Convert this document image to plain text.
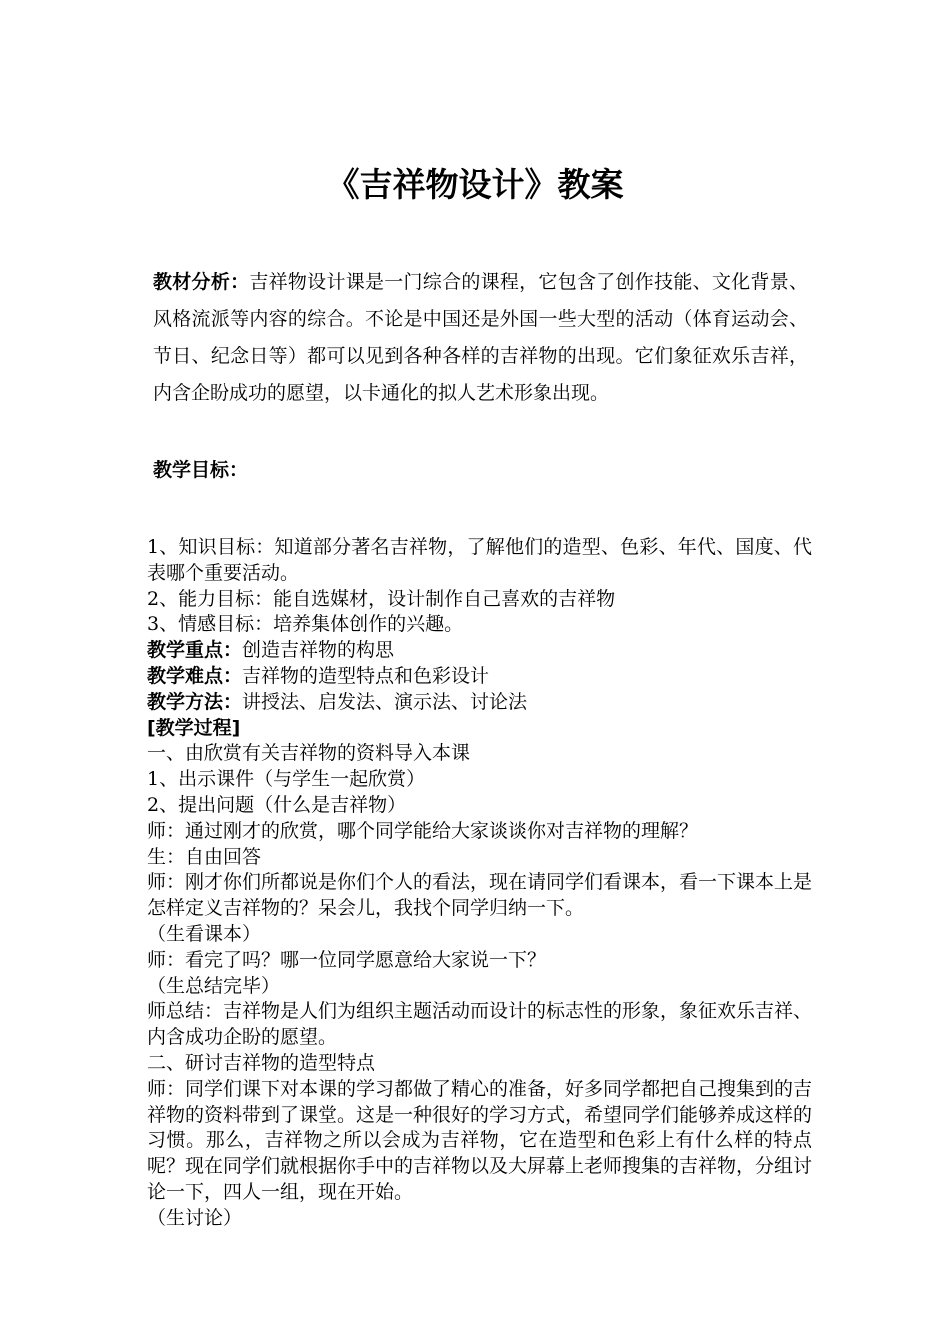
《吉祥物设计》教案

教材分析：吉祥物设计课是一门综合的课程，它包含了创作技能、文化背景、风格流派等内容的综合。不论是中国还是外国一些大型的活动（体育运动会、节日、纪念日等）都可以见到各种各样的吉祥物的出现。它们象征欢乐吉祥，内含企盼成功的愿望，以卡通化的拟人艺术形象出现。

教学目标：
1、知识目标：知道部分著名吉祥物，了解他们的造型、色彩、年代、国度、代表哪个重要活动。
2、能力目标：能自选媒材，设计制作自己喜欢的吉祥物
3、情感目标：培养集体创作的兴趣。
教学重点：创造吉祥物的构思
教学难点：吉祥物的造型特点和色彩设计
教学方法：讲授法、启发法、演示法、讨论法
[教学过程]
一、由欣赏有关吉祥物的资料导入本课
1、出示课件（与学生一起欣赏）
2、提出问题（什么是吉祥物）
师：通过刚才的欣赏，哪个同学能给大家谈谈你对吉祥物的理解？
生：自由回答
师：刚才你们所都说是你们个人的看法，现在请同学们看课本，看一下课本上是怎样定义吉祥物的？呆会儿，我找个同学归纳一下。
（生看课本）
师：看完了吗？哪一位同学愿意给大家说一下？
（生总结完毕）
师总结：吉祥物是人们为组织主题活动而设计的标志性的形象，象征欢乐吉祥、内含成功企盼的愿望。
二、研讨吉祥物的造型特点
师：同学们课下对本课的学习都做了精心的准备，好多同学都把自己搜集到的吉祥物的资料带到了课堂。这是一种很好的学习方式，希望同学们能够养成这样的习惯。那么，吉祥物之所以会成为吉祥物，它在造型和色彩上有什么样的特点呢？现在同学们就根据你手中的吉祥物以及大屏幕上老师搜集的吉祥物，分组讨论一下，四人一组，现在开始。
（生讨论）
